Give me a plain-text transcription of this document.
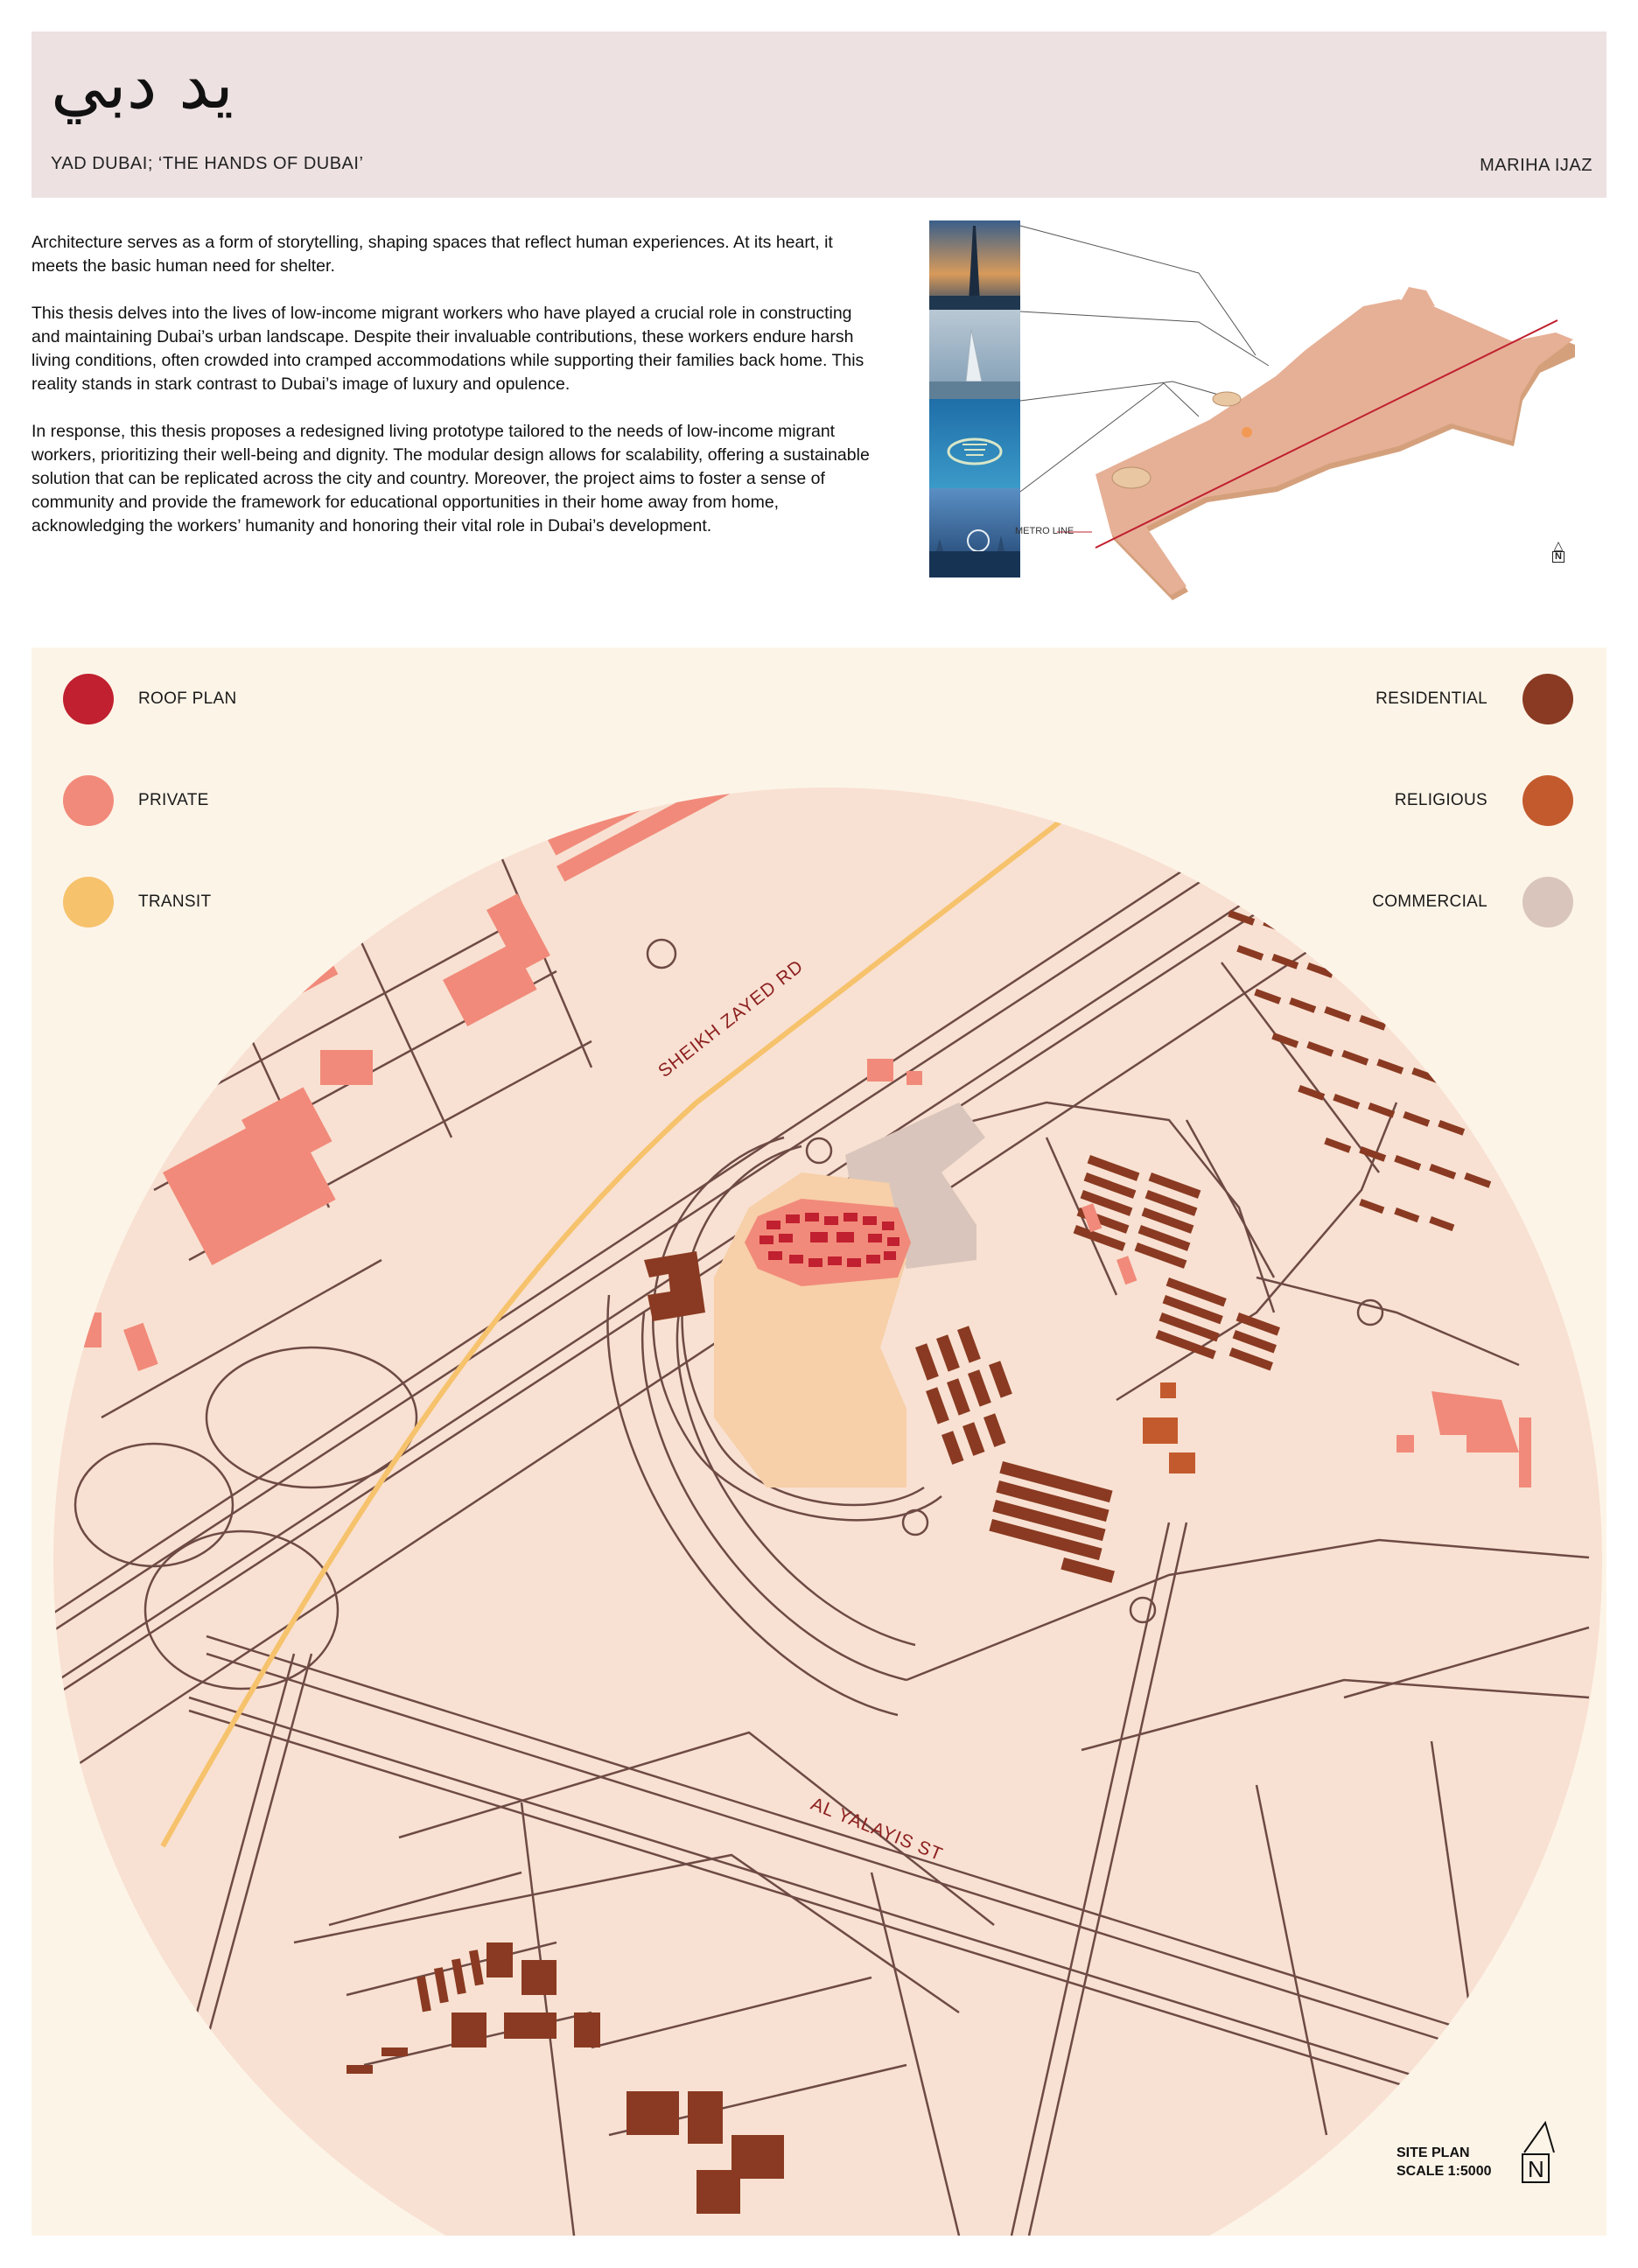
يد دبي
YAD DUBAI; ‘THE HANDS OF DUBAI’	MARIHA IJAZ

Architecture serves as a form of storytelling, shaping spaces that reflect human experiences. At its heart, it meets the basic human need for shelter.

This thesis delves into the lives of low-income migrant workers who have played a crucial role in constructing and maintaining Dubai’s urban landscape. Despite their invaluable contributions, these workers endure harsh living conditions, often crowded into cramped accommodations while supporting their families back home. This reality stands in stark contrast to Dubai’s image of luxury and opulence.

In response, this thesis proposes a redesigned living prototype tailored to the needs of low-income migrant workers, prioritizing their well-being and dignity. The modular design allows for scalability, offering a sustainable solution that can be replicated across the city and country. Moreover, the project aims to foster a sense of community and provide the framework for educational opportunities in their home away from home, acknowledging the workers’ humanity and honoring their vital role in Dubai’s development.	METRO LINE
△
N
ROOF PLAN
PRIVATE
TRANSIT
RESIDENTIAL
RELIGIOUS
COMMERCIAL
SHEIKH ZAYED RD
AL YALAYIS ST
SITE PLAN
SCALE 1:5000 N
